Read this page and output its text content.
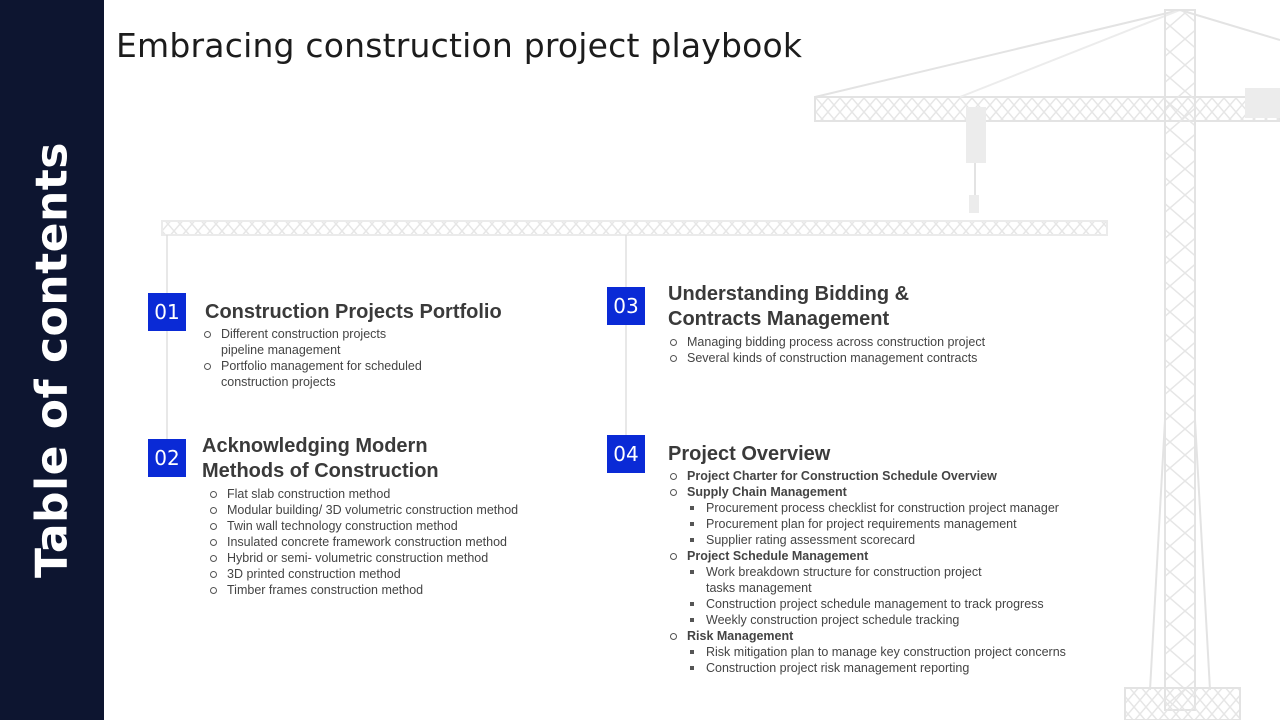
Table of contents
Embracing construction project playbook
01	Construction Projects Portfolio
Different construction projects
pipeline management
Portfolio management for scheduled
construction projects
02	Acknowledging Modern
Methods of Construction
Flat slab construction method
Modular building/ 3D volumetric construction method
Twin wall technology construction method
Insulated concrete framework construction method
Hybrid or semi- volumetric construction method
3D printed construction method
Timber frames construction method
03	Understanding Bidding &
Contracts Management
Managing bidding process across construction project
Several kinds of construction management contracts
04	Project Overview
Project Charter for Construction Schedule Overview
Supply Chain Management
Procurement process checklist for construction project manager
Procurement plan for project requirements management
Supplier rating assessment scorecard
Project Schedule Management
Work breakdown structure for construction project
tasks management
Construction project schedule management to track progress
Weekly construction project schedule tracking
Risk Management
Risk mitigation plan to manage key construction project concerns
Construction project risk management reporting
